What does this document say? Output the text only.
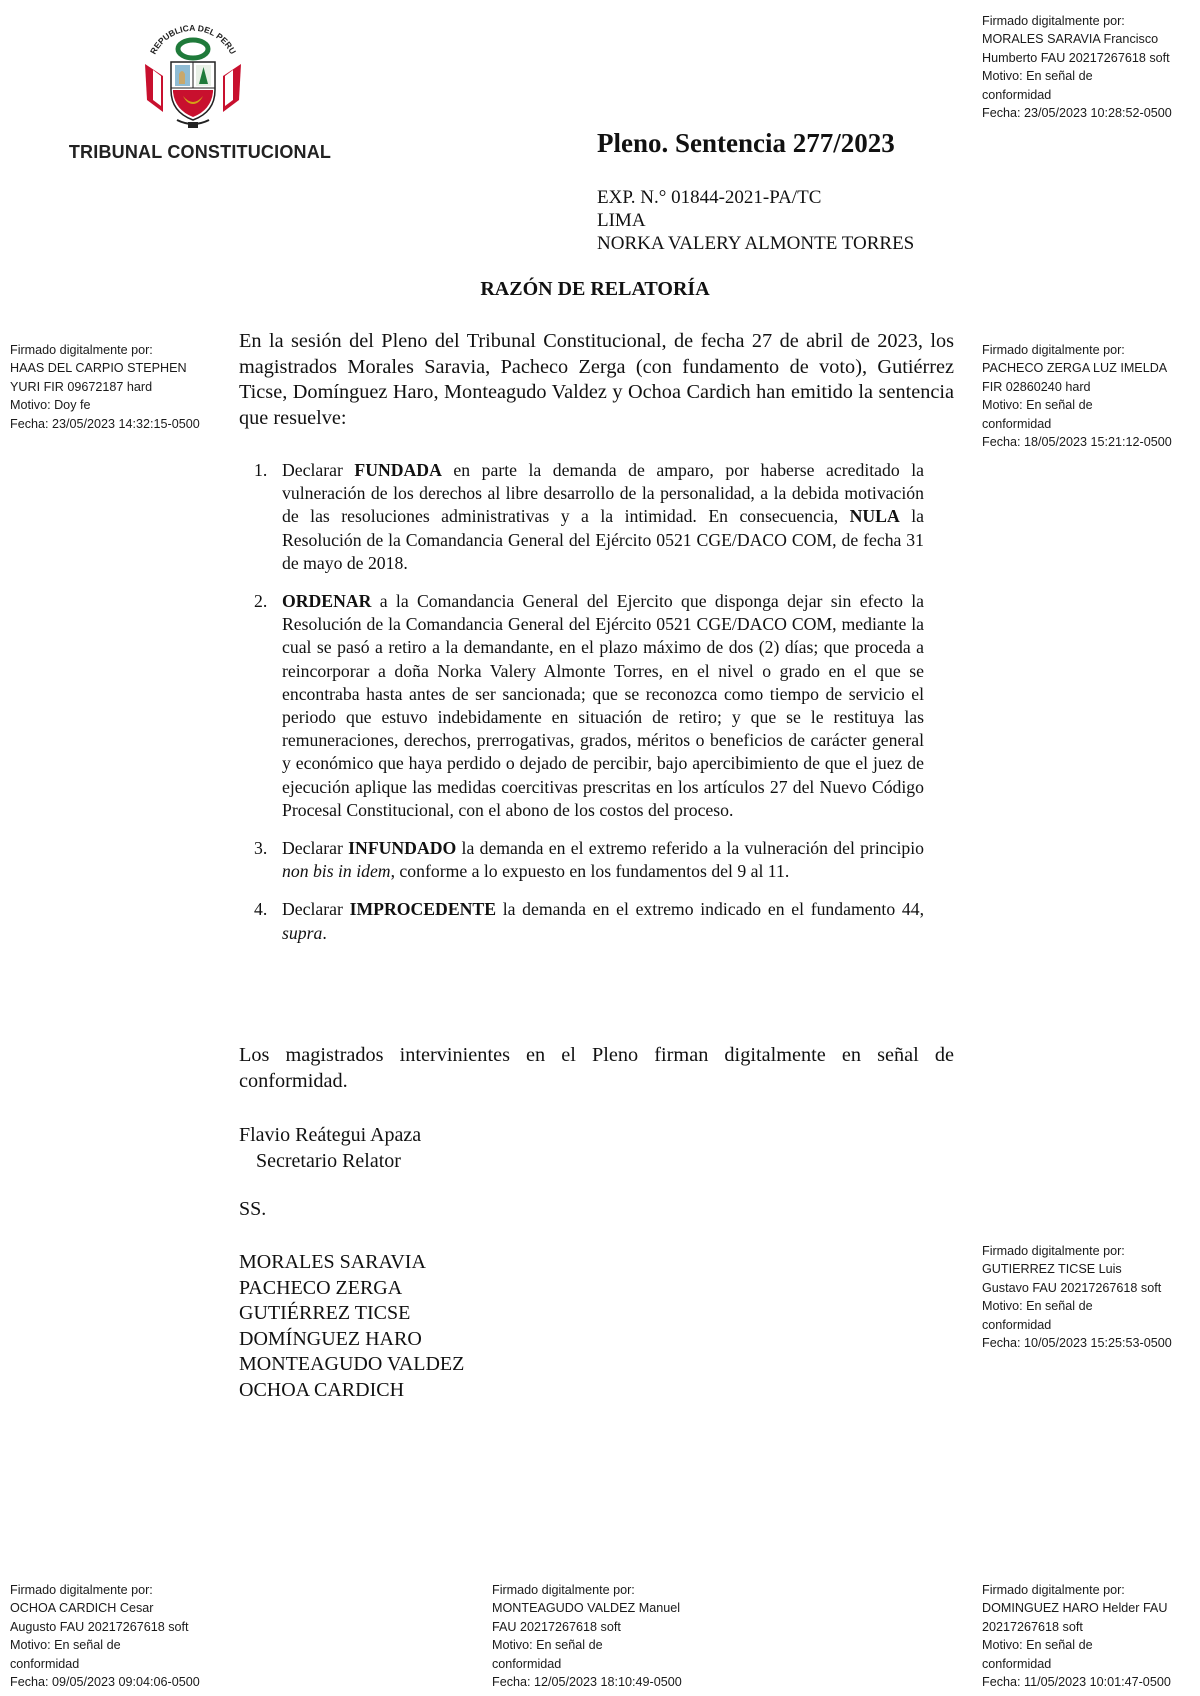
Firmado digitalmente por:
MORALES SARAVIA Francisco
Humberto FAU 20217267618 soft
Motivo: En señal de
conformidad
Fecha: 23/05/2023 10:28:52-0500
Firmado digitalmente por:
HAAS DEL CARPIO STEPHEN
YURI FIR 09672187 hard
Motivo: Doy fe
Fecha: 23/05/2023 14:32:15-0500
Firmado digitalmente por:
PACHECO ZERGA LUZ IMELDA
FIR 02860240 hard
Motivo: En señal de
conformidad
Fecha: 18/05/2023 15:21:12-0500
Firmado digitalmente por:
GUTIERREZ TICSE Luis
Gustavo FAU 20217267618 soft
Motivo: En señal de
conformidad
Fecha: 10/05/2023 15:25:53-0500
Firmado digitalmente por:
OCHOA CARDICH Cesar
Augusto FAU 20217267618 soft
Motivo: En señal de
conformidad
Fecha: 09/05/2023 09:04:06-0500
Firmado digitalmente por:
MONTEAGUDO VALDEZ Manuel
FAU 20217267618 soft
Motivo: En señal de
conformidad
Fecha: 12/05/2023 18:10:49-0500
Firmado digitalmente por:
DOMINGUEZ HARO Helder FAU
20217267618 soft
Motivo: En señal de
conformidad
Fecha: 11/05/2023 10:01:47-0500
REPUBLICA DEL PERU
TRIBUNAL CONSTITUCIONAL	Pleno. Sentencia 277/2023
EXP. N.° 01844-2021-PA/TC
LIMA
NORKA VALERY ALMONTE TORRES
RAZÓN DE RELATORÍA

En la sesión del Pleno del Tribunal Constitucional, de fecha 27 de abril de 2023, los magistrados Morales Saravia, Pacheco Zerga (con fundamento de voto), Gutiérrez Ticse, Domínguez Haro, Monteagudo Valdez y Ochoa Cardich han emitido la sentencia que resuelve:

1. Declarar FUNDADA en parte la demanda de amparo, por haberse acreditado la vulneración de los derechos al libre desarrollo de la personalidad, a la debida motivación de las resoluciones administrativas y a la intimidad. En consecuencia, NULA la Resolución de la Comandancia General del Ejército 0521 CGE/DACO COM, de fecha 31 de mayo de 2018.
2. ORDENAR a la Comandancia General del Ejercito que disponga dejar sin efecto la Resolución de la Comandancia General del Ejército 0521 CGE/DACO COM, mediante la cual se pasó a retiro a la demandante, en el plazo máximo de dos (2) días; que proceda a reincorporar a doña Norka Valery Almonte Torres, en el nivel o grado en el que se encontraba hasta antes de ser sancionada; que se reconozca como tiempo de servicio el periodo que estuvo indebidamente en situación de retiro; y que se le restituya las remuneraciones, derechos, prerrogativas, grados, méritos o beneficios de carácter general y económico que haya perdido o dejado de percibir, bajo apercibimiento de que el juez de ejecución aplique las medidas coercitivas prescritas en los artículos 27 del Nuevo Código Procesal Constitucional, con el abono de los costos del proceso.
3. Declarar INFUNDADO la demanda en el extremo referido a la vulneración del principio non bis in idem, conforme a lo expuesto en los fundamentos del 9 al 11.
4. Declarar IMPROCEDENTE la demanda en el extremo indicado en el fundamento 44, supra.

Los magistrados intervinientes en el Pleno firman digitalmente en señal de conformidad.

Flavio Reátegui Apaza
Secretario Relator
SS.
MORALES SARAVIA
PACHECO ZERGA
GUTIÉRREZ TICSE
DOMÍNGUEZ HARO
MONTEAGUDO VALDEZ
OCHOA CARDICH
